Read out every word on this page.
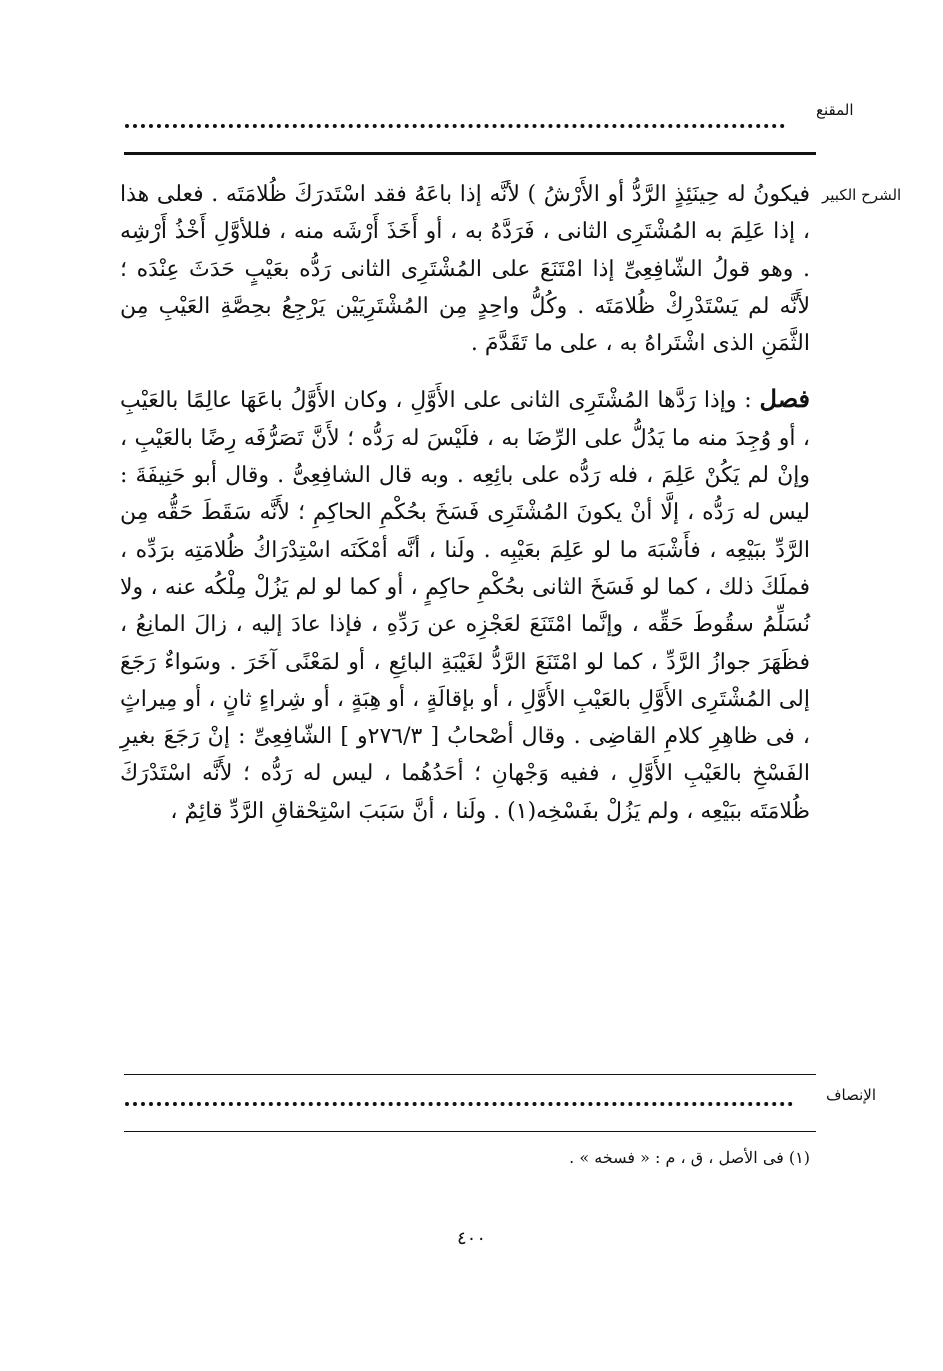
المقنع
الشرح الكبير

فيكونُ له حِينَئِذٍ الرَّدُّ أو الأَرْشُ ) لأنَّه إذا باعَهُ فقد اسْتَدرَكَ ظُلامَتَه . فعلى هذا ، إذا عَلِمَ به المُشْتَرِى الثانى ، فَرَدَّهُ به ، أو أَخَذَ أَرْشَه منه ، فللأوَّلِ أَخْذُ أَرْشِه . وهو قولُ الشّافِعِىِّ إذا امْتَنَعَ على المُشْتَرِى الثانى رَدُّه بعَيْبٍ حَدَثَ عِنْدَه ؛ لأَنَّه لم يَسْتَدْرِكْ ظُلامَتَه . وكُلُّ واحِدٍ مِن المُشْتَرِيَيْن يَرْجِعُ بحِصَّةِ العَيْبِ مِن الثَّمَنِ الذى اشْتَراهُ به ، على ما تَقَدَّمَ .

فصل : وإذا رَدَّها المُشْتَرِى الثانى على الأَوَّلِ ، وكان الأَوَّلُ باعَهَا عالِمًا بالعَيْبِ ، أو وُجِدَ منه ما يَدُلُّ على الرِّضَا به ، فلَيْسَ له رَدُّه ؛ لأَنَّ تَصَرُّفَه رِضًا بالعَيْبِ ، وإنْ لم يَكُنْ عَلِمَ ، فله رَدُّه على بائِعِه . وبه قال الشافِعِىُّ . وقال أبو حَنِيفَةَ : ليس له رَدُّه ، إلَّا أنْ يكونَ المُشْتَرِى فَسَخَ بحُكْمِ الحاكِمِ ؛ لأَنَّه سَقَطَ حَقُّه مِن الرَّدِّ ببَيْعِه ، فأَشْبَهَ ما لو عَلِمَ بعَيْبِه . ولَنا ، أنَّه أمْكَنَه اسْتِدْرَاكُ ظُلامَتِه برَدِّه ، فملَكَ ذلك ، كما لو فَسَخَ الثانى بحُكْمِ حاكِمٍ ، أو كما لو لم يَزُلْ مِلْكُه عنه ، ولا نُسَلِّمُ سقُوطَ حَقِّه ، وإنَّما امْتَنَعَ لعَجْزِه عن رَدِّهِ ، فإذا عادَ إليه ، زالَ المانِعُ ، فظَهَرَ جوازُ الرَّدِّ ، كما لو امْتَنَعَ الرَّدُّ لغَيْبَةِ البائِعِ ، أو لمَعْنًى آخَرَ . وسَواءٌ رَجَعَ إلى المُشْتَرِى الأَوَّلِ بالعَيْبِ الأَوَّلِ ، أو بإقالَةٍ ، أو هِبَةٍ ، أو شِراءٍ ثانٍ ، أو مِيراثٍ ، فى ظاهِرِ كلامِ القاضِى . وقال أصْحابُ [ ٢٧٦/٣و ] الشّافِعِىِّ : إنْ رَجَعَ بغيرِ الفَسْخِ بالعَيْبِ الأَوَّلِ ، ففيه وَجْهانِ ؛ أحَدُهُما ، ليس له رَدُّه ؛ لأَنَّه اسْتَدْرَكَ ظُلامَتَه ببَيْعِه ، ولم يَزُلْ بفَسْخِه(١) . ولَنا ، أنَّ سَبَبَ اسْتِحْقاقِ الرَّدِّ قائِمٌ ،

الإنصاف
(١) فى الأصل ، ق ، م : « فسخه » .
٤٠٠
